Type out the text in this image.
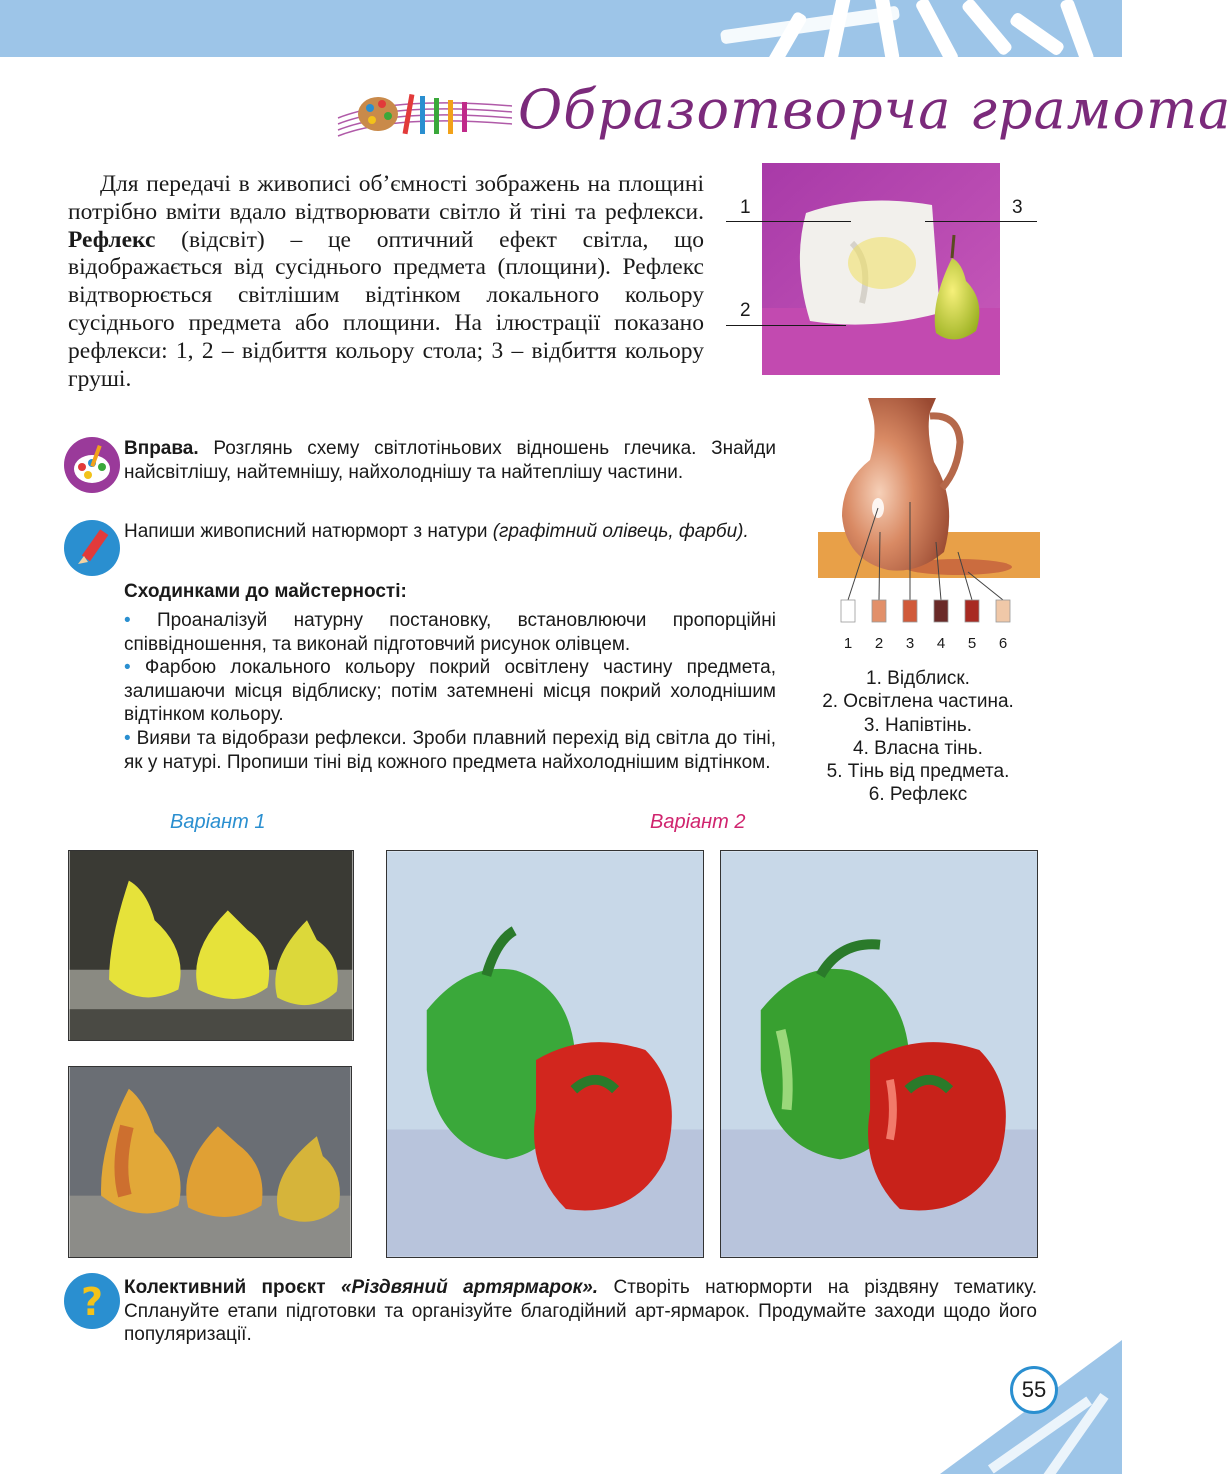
Образотворча грамота

Для передачі в живописі об’ємності зображень на площині потрібно вміти вдало відтворювати світло й тіні та рефлекси. Рефлекс (відсвіт) – це оптичний ефект світла, що відображається від сусіднього предмета (площини). Рефлекс відтворюється світлішим відтінком локального кольору сусіднього предмета або площини. На ілюстрації показано рефлекси: 1, 2 – відбиття кольору стола; 3 – відбиття кольору груші.

1
2
3
Вправа. Розглянь схему світлотіньових відношень глечика. Знайди найсвітлішу, найтемнішу, найхолоднішу та найтеплішу частини.
Напиши живописний натюрморт з натури (графітний олівець, фарби).
Сходинками до майстерності:
• Проаналізуй натурну постановку, встановлюючи пропорційні співвідношення, та виконай підготовчий рисунок олівцем.
• Фарбою локального кольору покрий освітлену частину предмета, залишаючи місця відблиску; потім затемнені місця покрий холоднішим відтінком кольору.
• Вияви та відобрази рефлекси. Зроби плавний перехід від світла до тіні, як у натурі. Пропиши тіні від кожного предмета найхолоднішим відтінком.
1 2 3 4 5 6
1. Відблиск.
2. Освітлена частина.
3. Напівтінь.
4. Власна тінь.
5. Тінь від предмета.
6. Рефлекс
Варіант 1	Варіант 2
? Колективний проєкт «Різдвяний артярмарок». Створіть натюрморти на різдвяну тематику. Сплануйте етапи підготовки та організуйте благодійний арт-ярмарок. Продумайте заходи щодо його популяризації.
55
